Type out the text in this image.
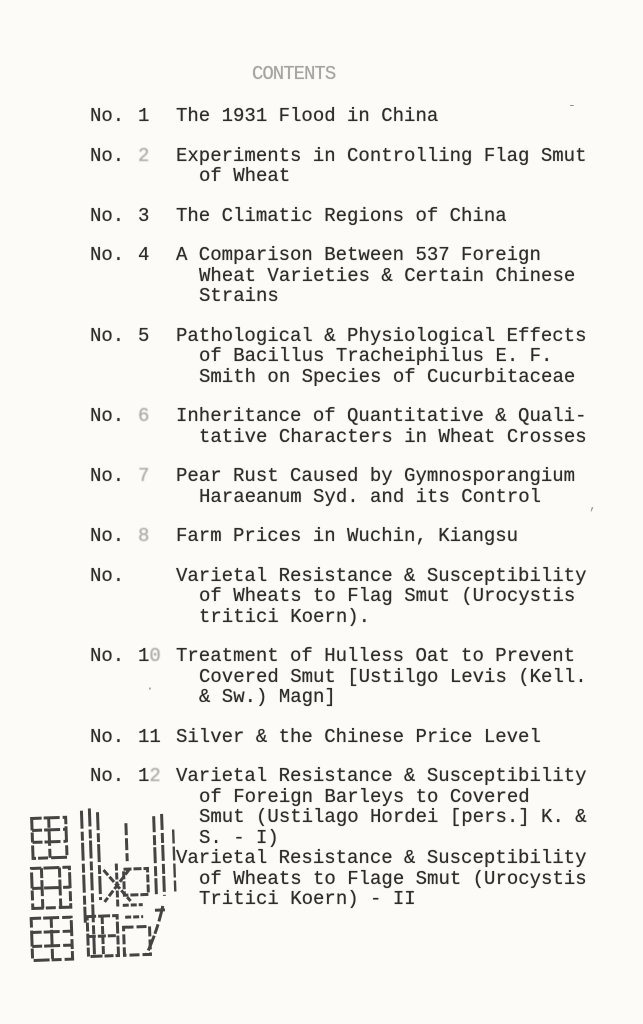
CONTENTS
No. 1	The 1931 Flood in China
No. 2	Experiments in Controlling Flag Smut
of Wheat
No. 3	The Climatic Regions of China
No. 4	A Comparison Between 537 Foreign
Wheat Varieties & Certain Chinese
Strains
No. 5	Pathological & Physiological Effects
of Bacillus Tracheiphilus E. F.
Smith on Species of Cucurbitaceae
No. 6	Inheritance of Quantitative & Quali-
tative Characters in Wheat Crosses
No. 7	Pear Rust Caused by Gymnosporangium
Haraeanum Syd. and its Control
No. 8	Farm Prices in Wuchin, Kiangsu
No.	Varietal Resistance & Susceptibility
of Wheats to Flag Smut (Urocystis
tritici Koern).
No. 10 Treatment of Hulless Oat to Prevent
Covered Smut [Ustilgo Levis (Kell.
& Sw.) Magn]
No. 11 Silver & the Chinese Price Level
No. 12 Varietal Resistance & Susceptibility
of Foreign Barleys to Covered
Smut (Ustilago Hordei [pers.] K. &
S. - I)
Varietal Resistance & Susceptibility
of Wheats to Flage Smut (Urocystis
Tritici Koern) - II
-
,
·
